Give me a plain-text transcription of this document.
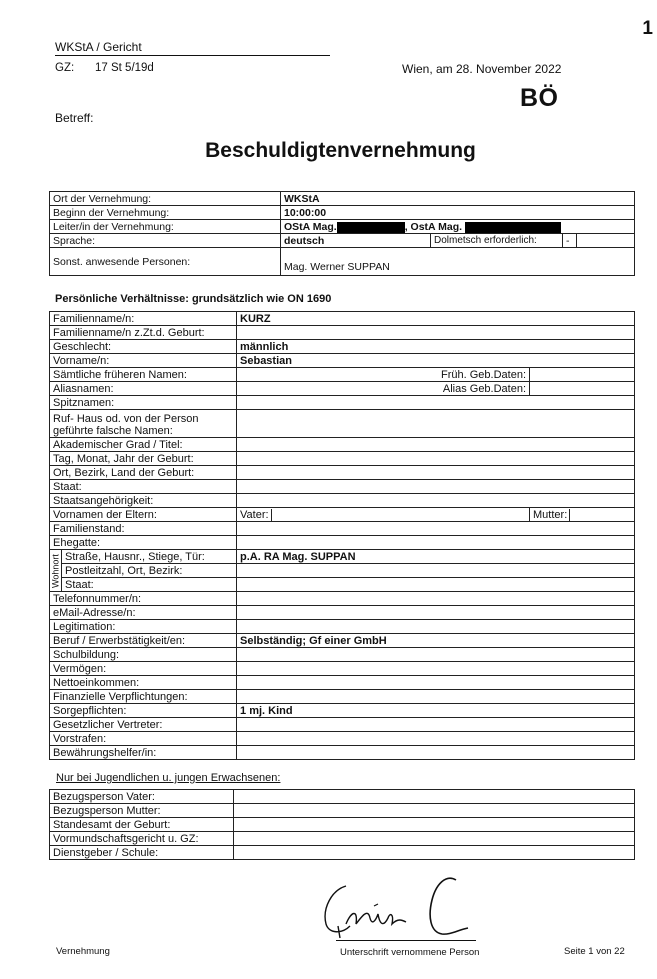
1
WKStA / Gericht
GZ: 17 St 5/19d	Wien, am 28. November 2022
BÖ
Betreff:
Beschuldigtenvernehmung
Ort der Vernehmung:	WKStA			
Beginn der Vernehmung:	10:00:00			
Leiter/in der Vernehmung:	OStA Mag. , OstA Mag.			
Sprache:	deutsch	Dolmetsch erforderlich:	-	
Sonst. anwesende Personen:	Mag. Werner SUPPAN			
Persönliche Verhältnisse: grundsätzlich wie ON 1690
Familienname/n:		KURZ	
Familienname/n z.Zt.d. Geburt:			
Geschlecht:		männlich	
Vorname/n:		Sebastian	
Sämtliche früheren Namen:		Früh. Geb.Daten:	
Aliasnamen:		Alias Geb.Daten:	
Spitznamen:			
Ruf- Haus od. von der Person
geführte falsche Namen:			
Akademischer Grad / Titel:			
Tag, Monat, Jahr der Geburt:			
Ort, Bezirk, Land der Geburt:			
Staat:			
Staatsangehörigkeit:			
Vornamen der Eltern:		Vater:	Mutter:
Familienstand:			
Ehegatte:			
Wohnort	Straße, Hausnr., Stiege, Tür:	p.A. RA Mag. SUPPAN	
	Postleitzahl, Ort, Bezirk:		
	Staat:		
Telefonnummer/n:			
eMail-Adresse/n:			
Legitimation:			
Beruf / Erwerbstätigkeit/en:		Selbständig; Gf einer GmbH	
Schulbildung:			
Vermögen:			
Nettoeinkommen:			
Finanzielle Verpflichtungen:			
Sorgepflichten:		1 mj. Kind	
Gesetzlicher Vertreter:			
Vorstrafen:			
Bewährungshelfer/in:			
Nur bei Jugendlichen u. jungen Erwachsenen:
Bezugsperson Vater:	
Bezugsperson Mutter:	
Standesamt der Geburt:	
Vormundschaftsgericht u. GZ:	
Dienstgeber / Schule:	
Unterschrift vernommene Person
Vernehmung	Seite 1 von 22
